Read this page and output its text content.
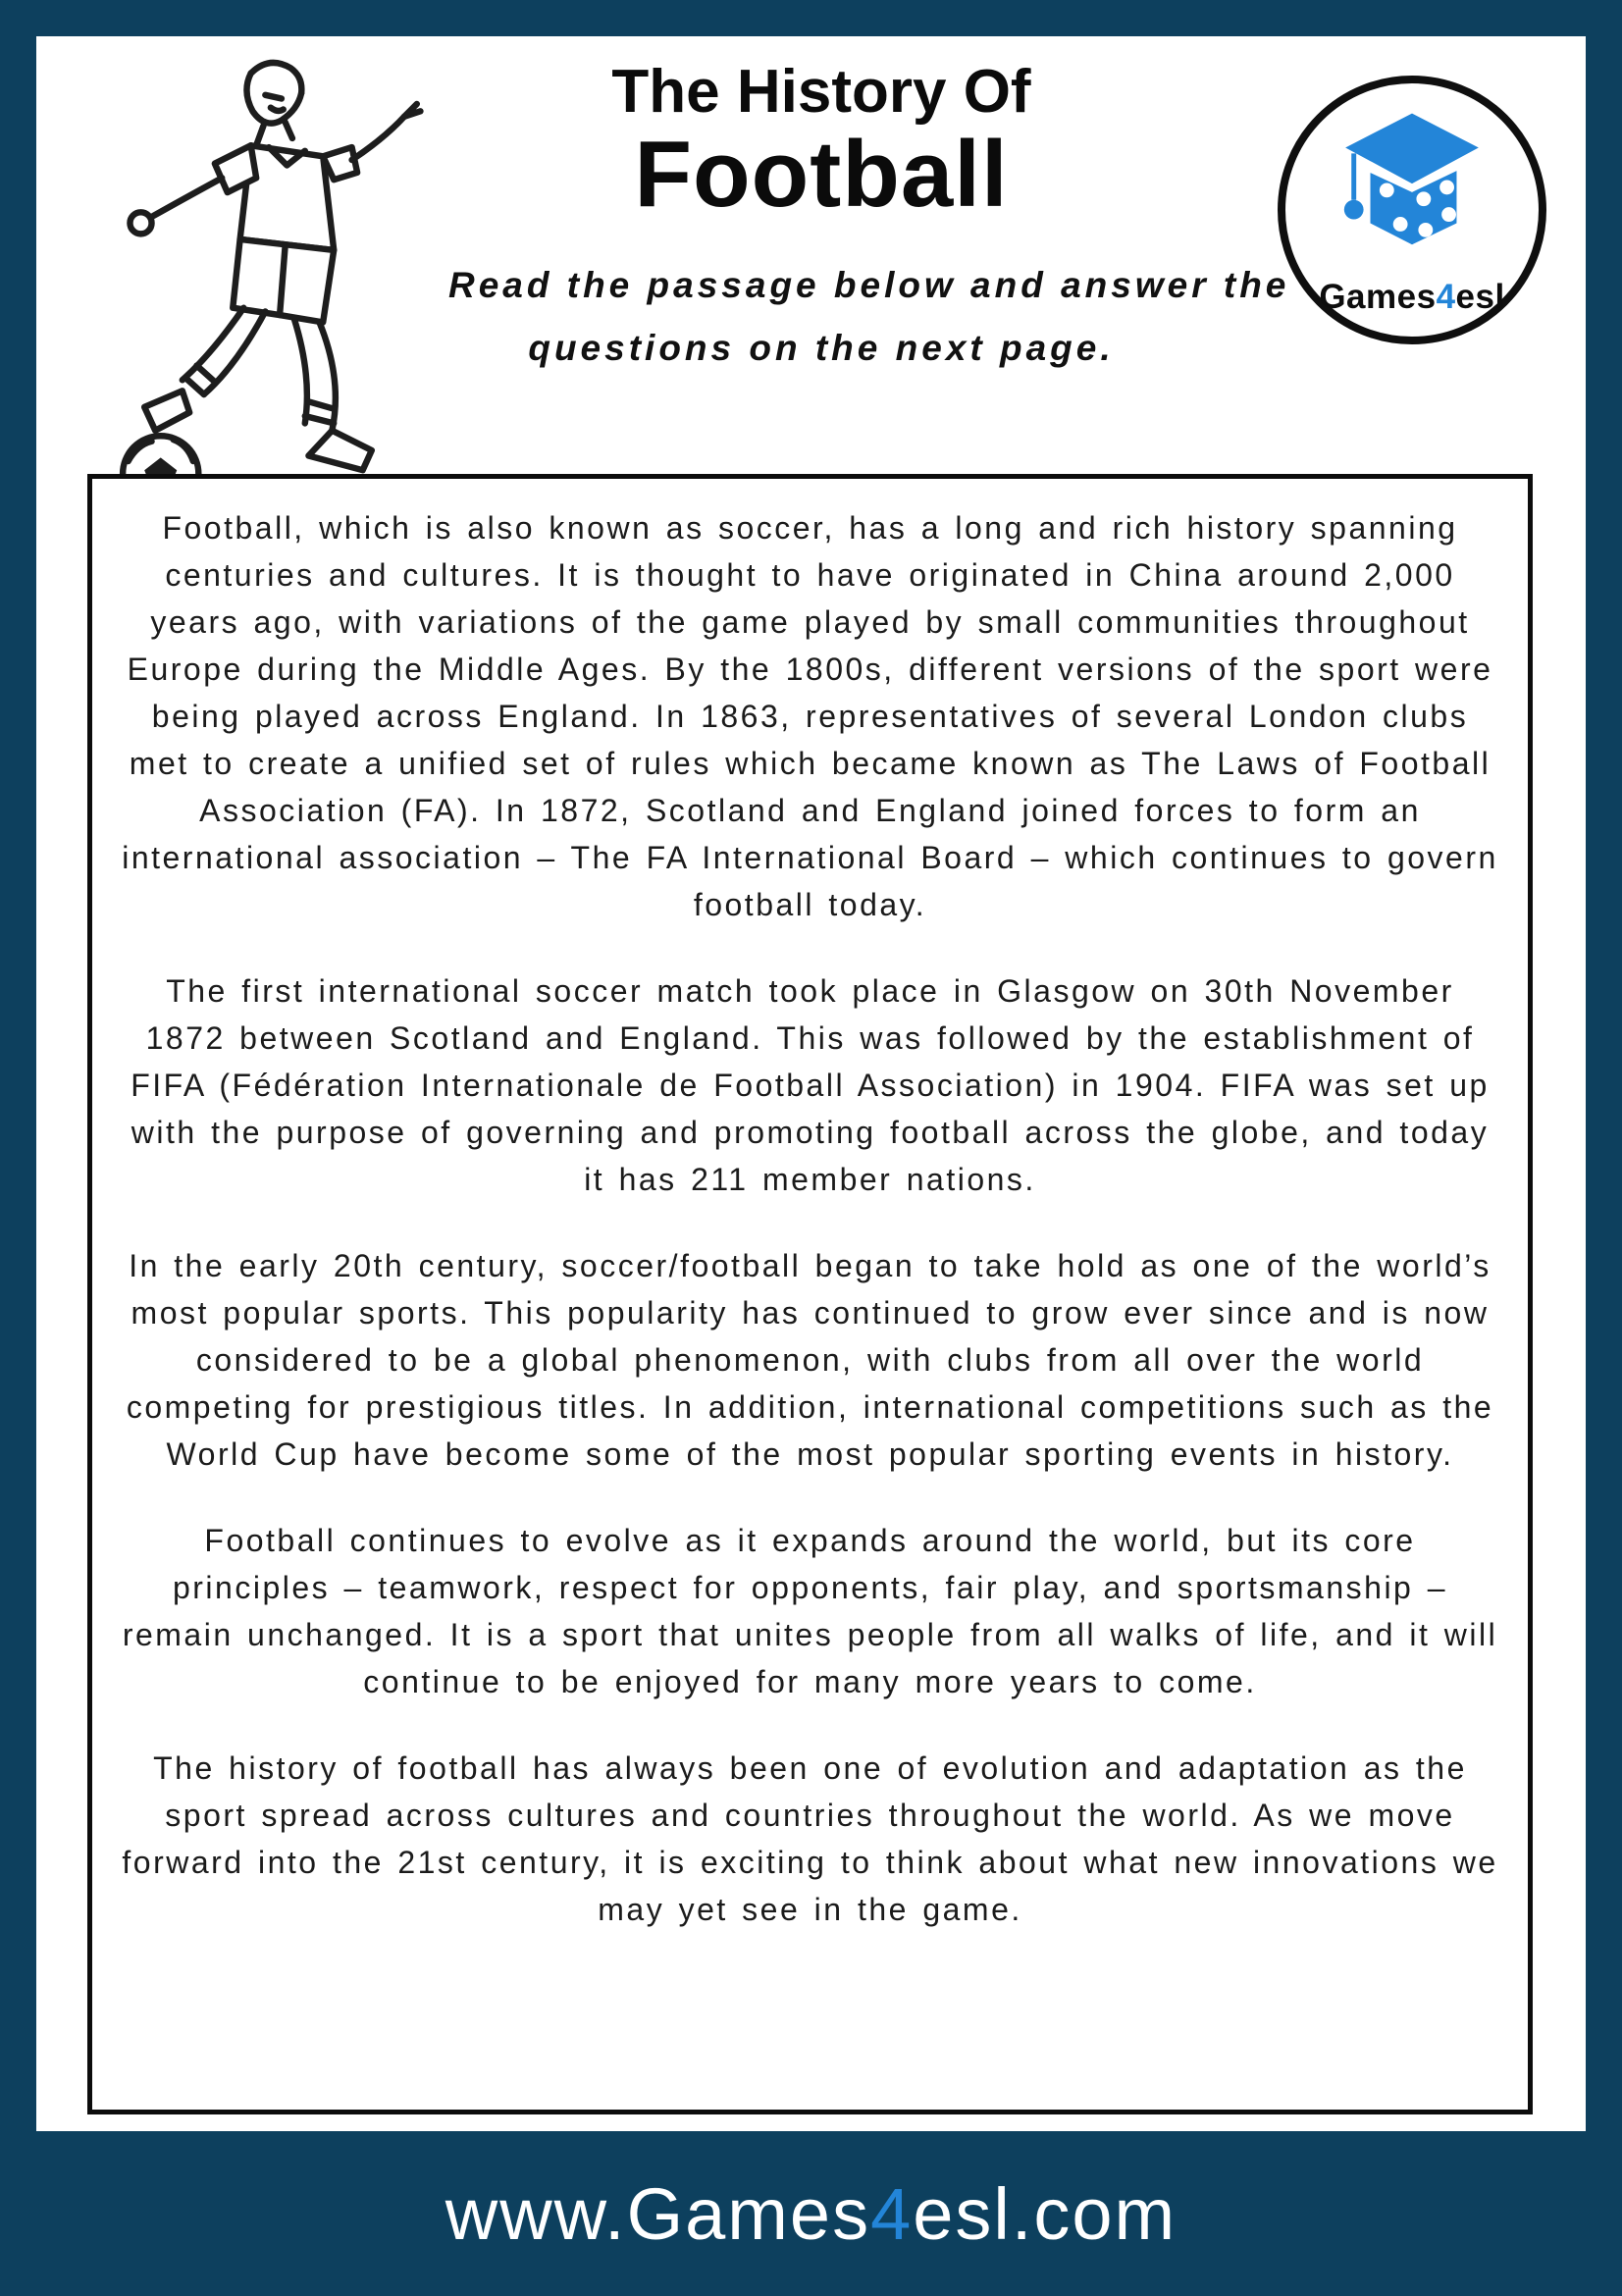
The History Of
Football
Read the passage below and answer the
questions on the next page.
Games4esl

Football, which is also known as soccer, has a long and rich history spanning centuries and cultures. It is thought to have originated in China around 2,000 years ago, with variations of the game played by small communities throughout Europe during the Middle Ages. By the 1800s, different versions of the sport were being played across England. In 1863, representatives of several London clubs met to create a unified set of rules which became known as The Laws of Football Association (FA). In 1872, Scotland and England joined forces to form an international association – The FA International Board – which continues to govern football today.

The first international soccer match took place in Glasgow on 30th November 1872 between Scotland and England. This was followed by the establishment of FIFA (Fédération Internationale de Football Association) in 1904. FIFA was set up with the purpose of governing and promoting football across the globe, and today it has 211 member nations.

In the early 20th century, soccer/football began to take hold as one of the world’s most popular sports. This popularity has continued to grow ever since and is now considered to be a global phenomenon, with clubs from all over the world competing for prestigious titles. In addition, international competitions such as the World Cup have become some of the most popular sporting events in history.

Football continues to evolve as it expands around the world, but its core principles – teamwork, respect for opponents, fair play, and sportsmanship – remain unchanged. It is a sport that unites people from all walks of life, and it will continue to be enjoyed for many more years to come.

The history of football has always been one of evolution and adaptation as the sport spread across cultures and countries throughout the world. As we move forward into the 21st century, it is exciting to think about what new innovations we may yet see in the game.

www.Games4esl.com
